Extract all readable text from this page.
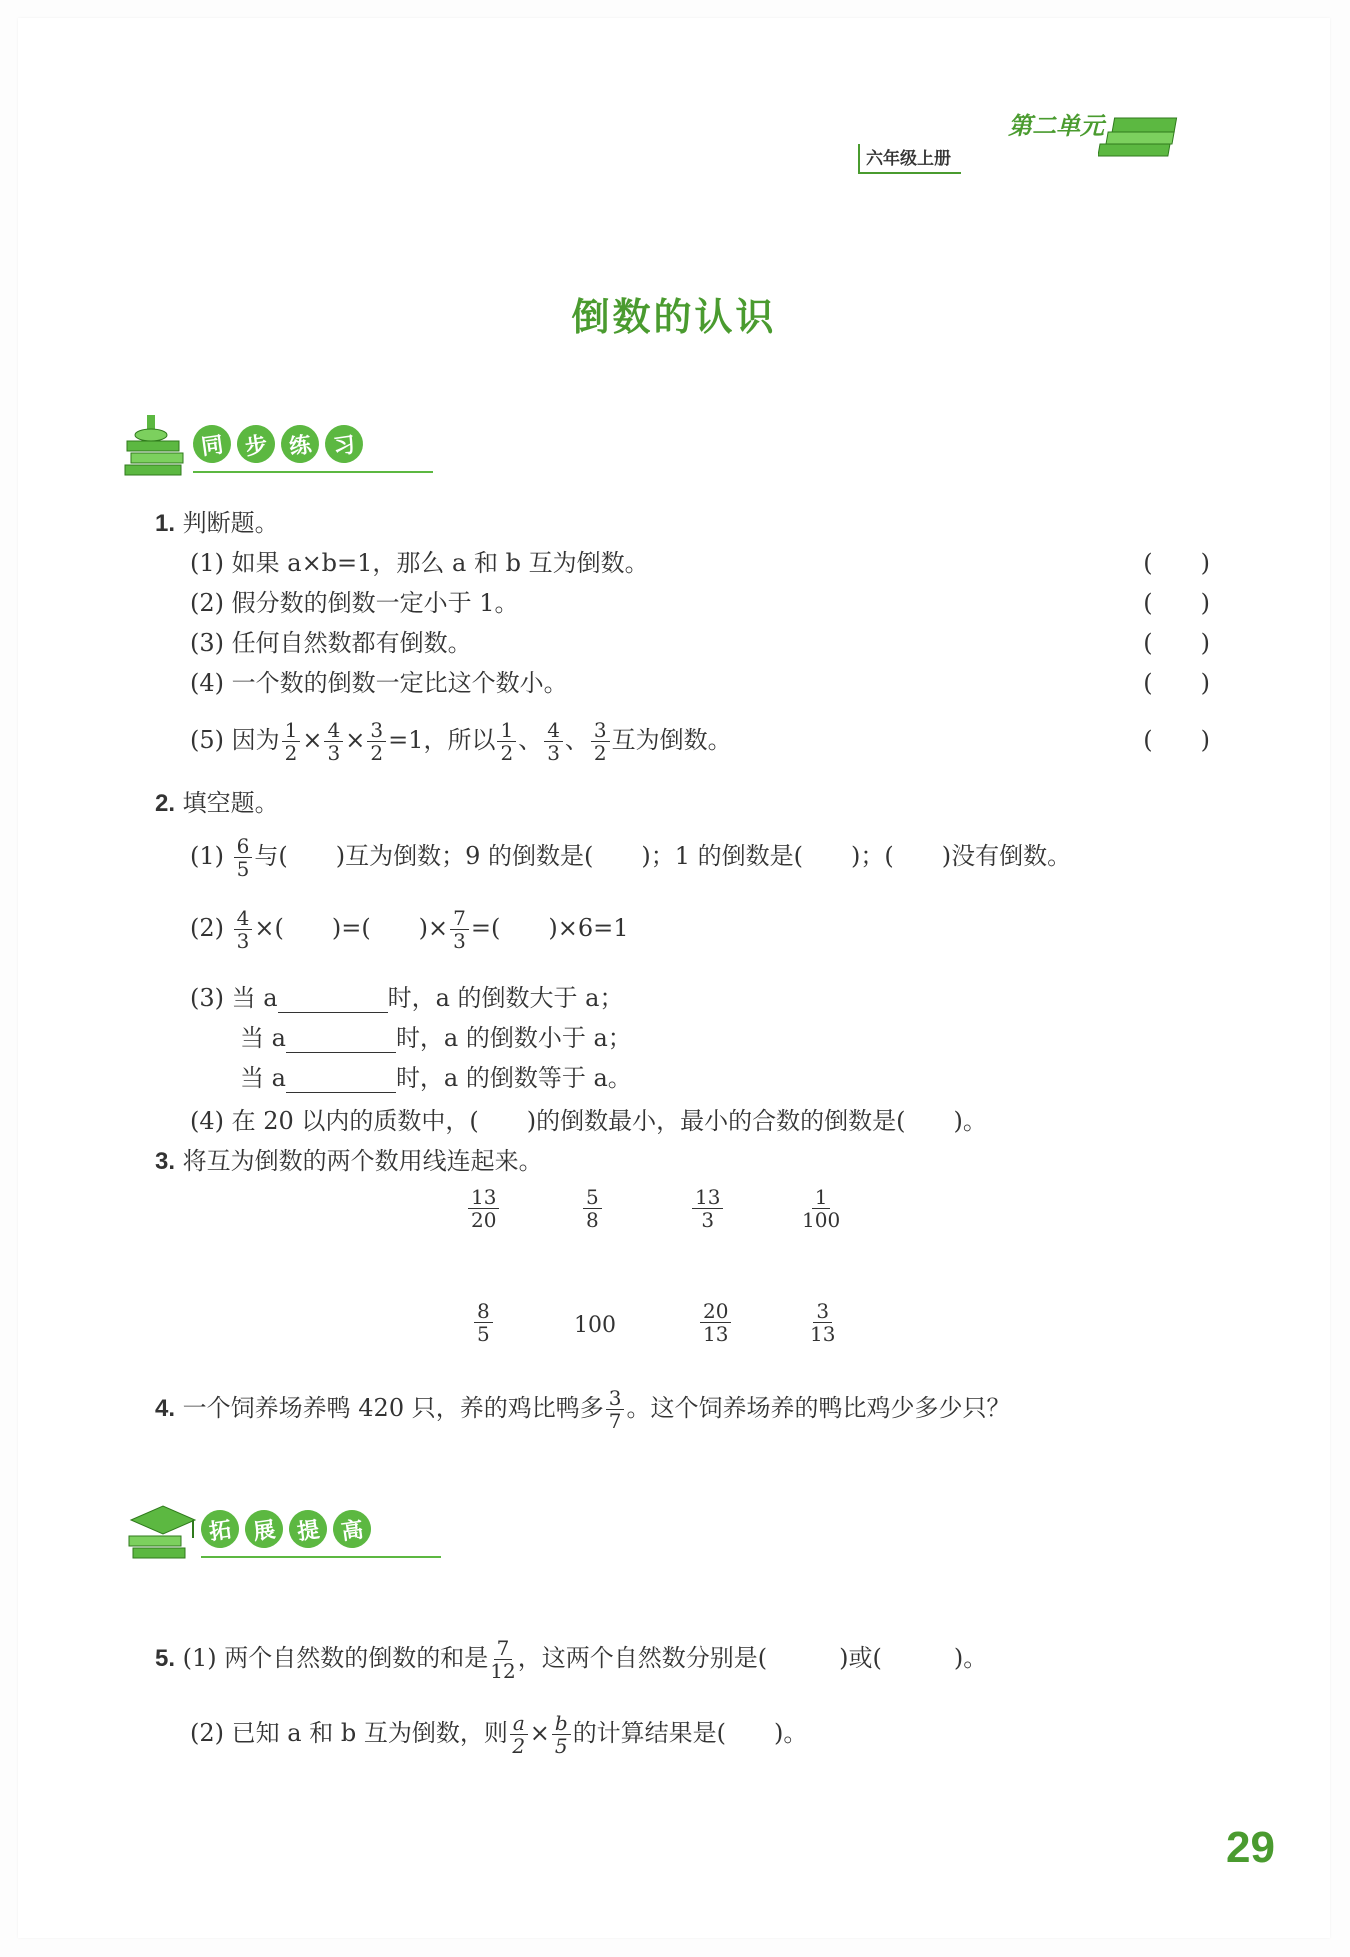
第二单元
六年级上册
倒数的认识
同 步 练 习
1. 判断题。
(1) 如果 a×b=1，那么 a 和 b 互为倒数。	(　　)
(2) 假分数的倒数一定小于 1。	(　　)
(3) 任何自然数都有倒数。	(　　)
(4) 一个数的倒数一定比这个数小。	(　　)
(5) 因为 $\frac{1}{2} \times \frac{4}{3} \times \frac{3}{2} =1$，所以 $\frac{1}{2}$ 、 $\frac{4}{3}$ 、 $\frac{3}{2}$ 互为倒数。	(　　)
2. 填空题。
$(1) \frac{6}{5}$ 与(　　)互为倒数；9 的倒数是(　　)；1 的倒数是(　　)；(　　)没有倒数。
$(2) \frac{4}{3}$ ×(　　)=(　　)× $\frac{7}{3}$ =(　　)×6=1
(3) 当 a	时，a 的倒数大于 a；
当 a	时，a 的倒数小于 a；
当 a	时，a 的倒数等于 a。
(4) 在 20 以内的质数中，(　　)的倒数最小，最小的合数的倒数是(　　)。
3. 将互为倒数的两个数用线连起来。
$\frac{13}{20}$	$\frac{5}{8}$	$\frac{13}{3}$	$\frac{1}{100}$
$\frac{8}{5}$	100	$\frac{20}{13}$	$\frac{3}{13}$
4. 一个饲养场养鸭 420 只，养的鸡比鸭多 $\frac{3}{7}$ 。这个饲养场养的鸭比鸡少多少只？
拓 展 提 高
5. (1) 两个自然数的倒数的和是 $\frac{7}{12}$ ，这两个自然数分别是(　　　)或(　　　)。
(2) 已知 a 和 b 互为倒数，则 $\frac{a}{2} \times \frac{b}{5}$ 的计算结果是(　　)。
29
